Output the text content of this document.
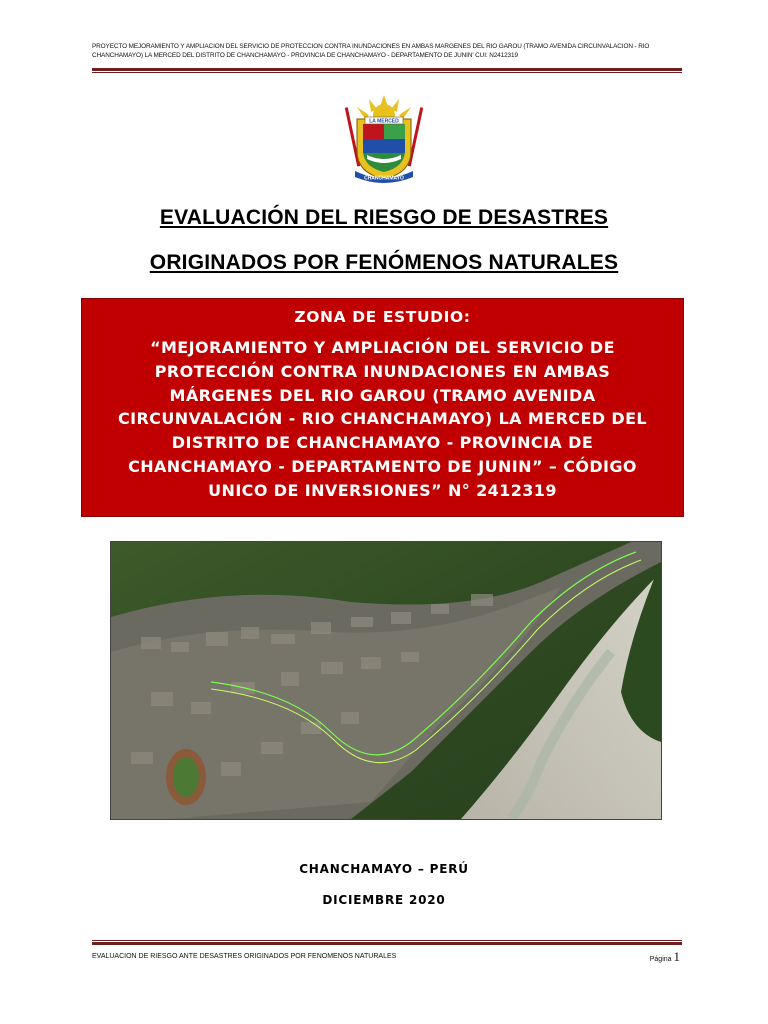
PROYECTO MEJORAMIENTO Y AMPLIACION DEL SERVICIO DE PROTECCION CONTRA INUNDACIONES EN AMBAS MARGENES DEL RIO GAROU (TRAMO AVENIDA CIRCUNVALACION - RIO CHANCHAMAYO) LA MERCED DEL DISTRITO DE CHANCHAMAYO - PROVINCIA DE CHANCHAMAYO - DEPARTAMENTO DE JUNIN' CUI: N2412319
LA MERCED
CHANCHAMAYO
EVALUACIÓN DEL RIESGO DE DESASTRES
ORIGINADOS POR FENÓMENOS NATURALES
ZONA DE ESTUDIO:
“MEJORAMIENTO Y AMPLIACIÓN DEL SERVICIO DE
PROTECCIÓN CONTRA INUNDACIONES EN AMBAS
MÁRGENES DEL RIO GAROU (TRAMO AVENIDA
CIRCUNVALACIÓN - RIO CHANCHAMAYO) LA MERCED DEL
DISTRITO DE CHANCHAMAYO - PROVINCIA DE
CHANCHAMAYO - DEPARTAMENTO DE JUNIN” – CÓDIGO
UNICO DE INVERSIONES” N° 2412319
CHANCHAMAYO – PERÚ
DICIEMBRE 2020
EVALUACION DE RIESGO ANTE DESASTRES ORIGINADOS POR FENOMENOS NATURALES	Página 1
